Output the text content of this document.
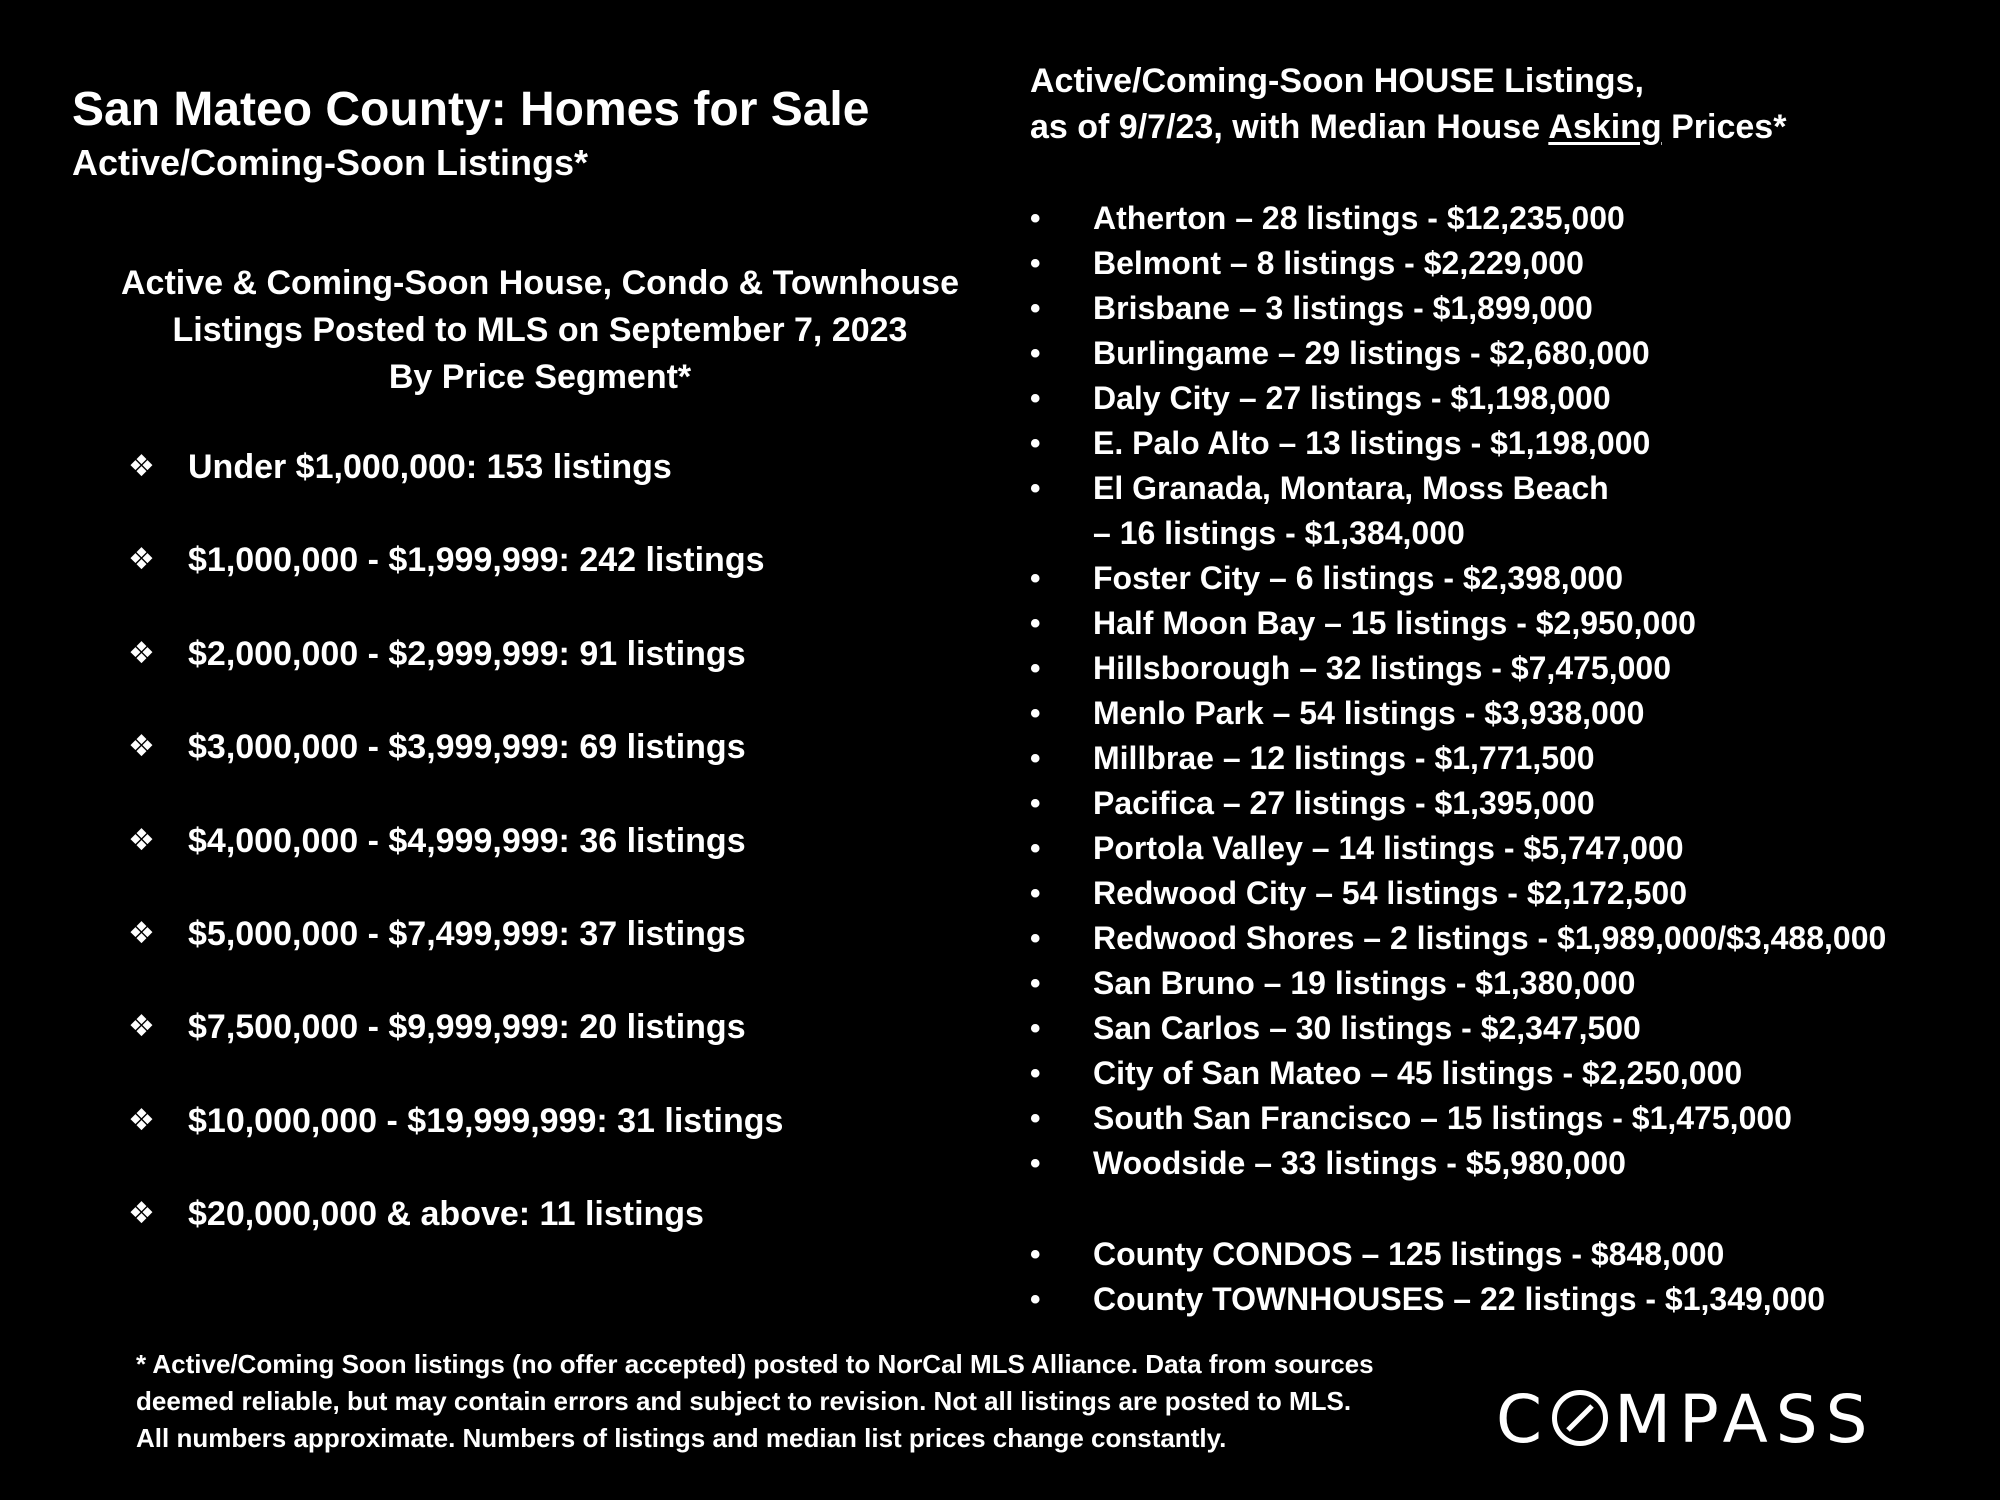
San Mateo County: Homes for Sale
Active/Coming-Soon Listings*
Active & Coming-Soon House, Condo & Townhouse
Listings Posted to MLS on September 7, 2023
By Price Segment*
❖ Under $1,000,000: 153 listings
❖ $1,000,000 - $1,999,999: 242 listings
❖ $2,000,000 - $2,999,999: 91 listings
❖ $3,000,000 - $3,999,999: 69 listings
❖ $4,000,000 - $4,999,999: 36 listings
❖ $5,000,000 - $7,499,999: 37 listings
❖ $7,500,000 - $9,999,999: 20 listings
❖ $10,000,000 - $19,999,999: 31 listings
❖ $20,000,000 & above: 11 listings
Active/Coming-Soon HOUSE Listings,
as of 9/7/23, with Median House Asking Prices*
•	Atherton – 28 listings - $12,235,000
•	Belmont – 8 listings - $2,229,000
•	Brisbane – 3 listings - $1,899,000
•	Burlingame – 29 listings - $2,680,000
•	Daly City – 27 listings - $1,198,000
•	E. Palo Alto – 13 listings - $1,198,000
•	El Granada, Montara, Moss Beach
– 16 listings - $1,384,000
•	Foster City – 6 listings - $2,398,000
•	Half Moon Bay – 15 listings - $2,950,000
•	Hillsborough – 32 listings - $7,475,000
•	Menlo Park – 54 listings - $3,938,000
•	Millbrae – 12 listings - $1,771,500
•	Pacifica – 27 listings - $1,395,000
•	Portola Valley – 14 listings - $5,747,000
•	Redwood City – 54 listings - $2,172,500
•	Redwood Shores – 2 listings - $1,989,000/$3,488,000
•	San Bruno – 19 listings - $1,380,000
•	San Carlos – 30 listings - $2,347,500
•	City of San Mateo – 45 listings - $2,250,000
•	South San Francisco – 15 listings - $1,475,000
•	Woodside – 33 listings - $5,980,000
•	County CONDOS – 125 listings - $848,000
•	County TOWNHOUSES – 22 listings - $1,349,000
* Active/Coming Soon listings (no offer accepted) posted to NorCal MLS Alliance. Data from sources
deemed reliable, but may contain errors and subject to revision. Not all listings are posted to MLS.
All numbers approximate. Numbers of listings and median list prices change constantly.	C MPASS
